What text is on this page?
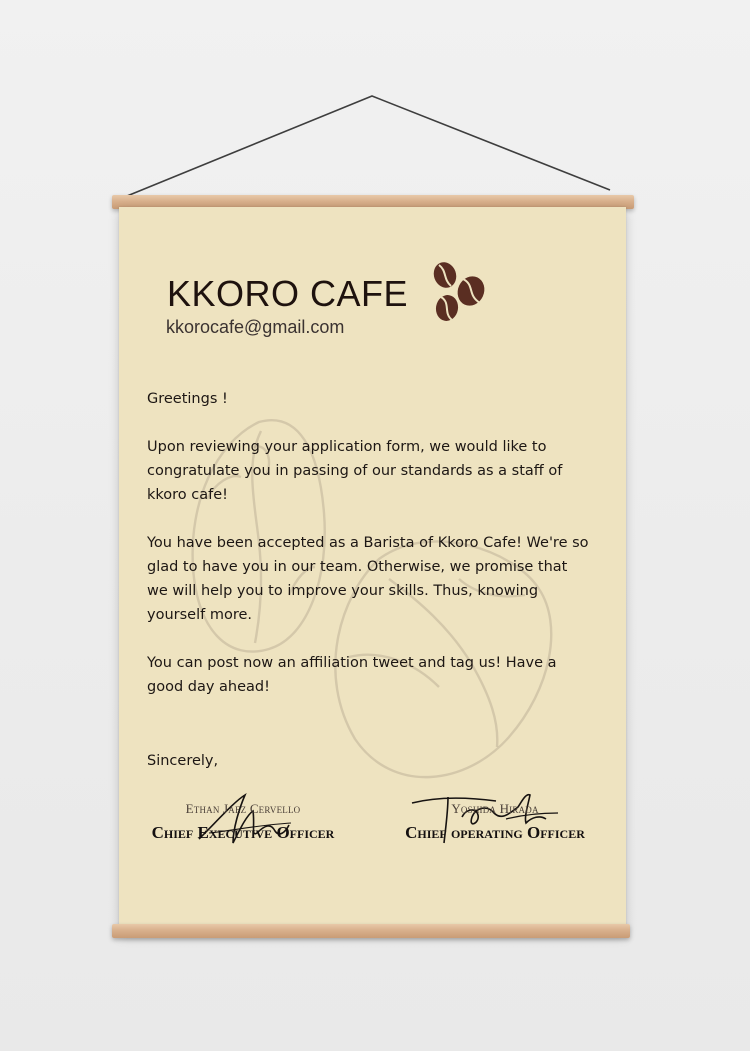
KKORO CAFE
kkorocafe@gmail.com

Greetings !

Upon reviewing your application form, we would like to congratulate you in passing of our standards as a staff of kkoro cafe!

You have been accepted as a Barista of Kkoro Cafe! We're so glad to have you in our team. Otherwise, we promise that we will help you to improve your skills. Thus, knowing yourself more.

You can post now an affiliation tweet and tag us! Have a good day ahead!

Sincerely,

Ethan Jaez Cervello
Chief Executive Officer
Yoshida Hirada
Chief operating Officer
